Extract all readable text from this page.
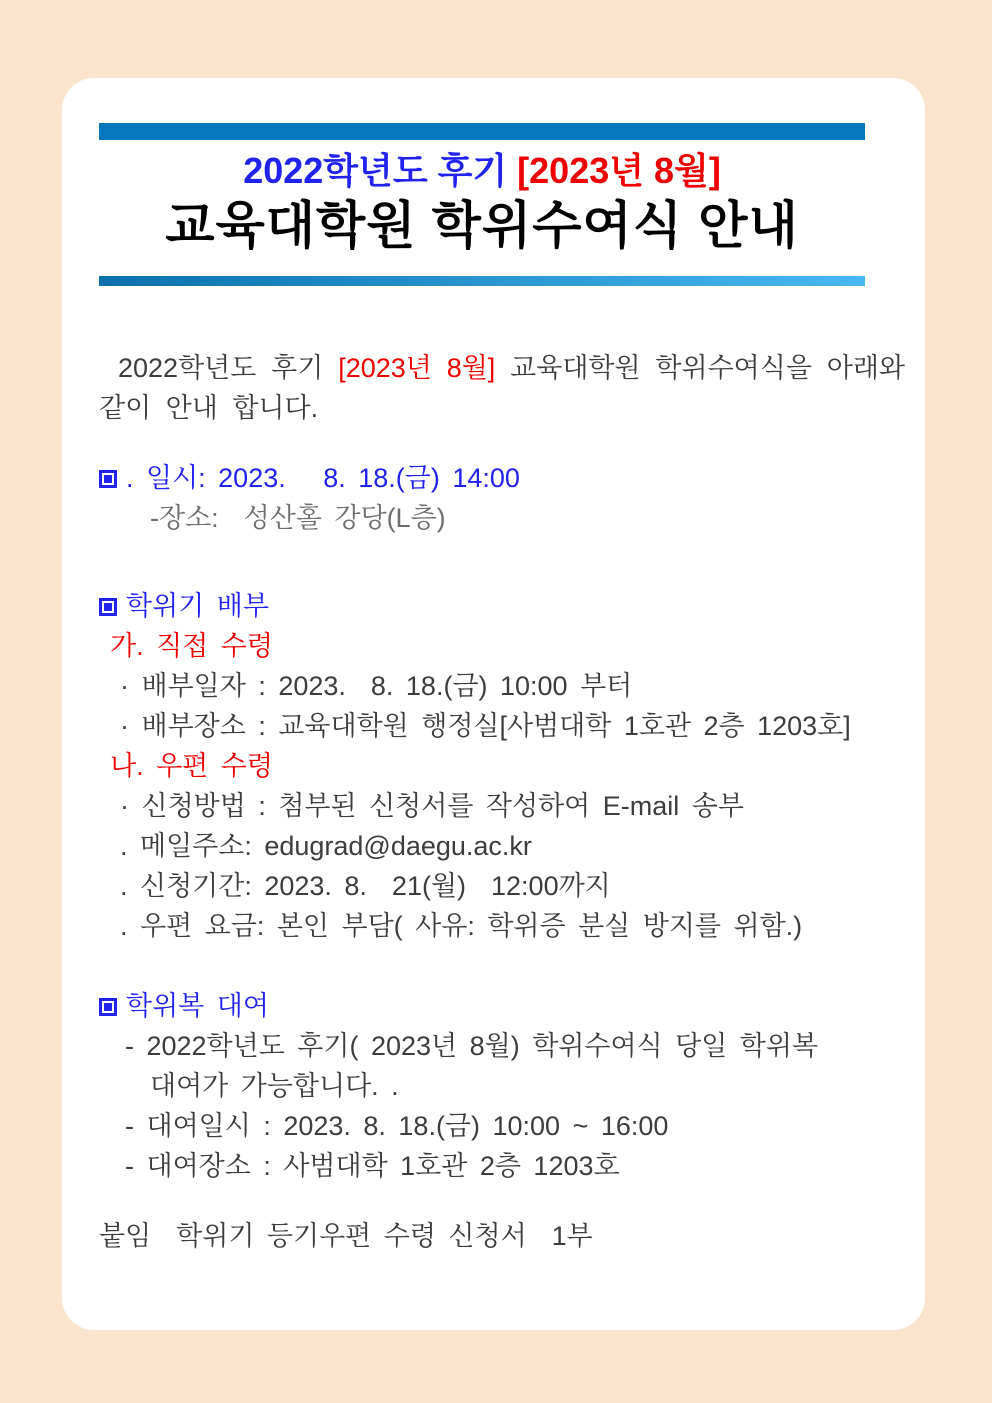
2022학년도 후기 [2023년 8월]
교육대학원 학위수여식 안내

2022학년도 후기 [2023년 8월] 교육대학원 학위수여식을 아래와 같이 안내 합니다.

. 일시: 2023.   8. 18.(금) 14:00
-장소:  성산홀 강당(L층)
학위기 배부
가. 직접 수령
· 배부일자 : 2023.  8. 18.(금) 10:00 부터
· 배부장소 : 교육대학원 행정실[사범대학 1호관 2층 1203호]
나. 우편 수령
· 신청방법 : 첨부된 신청서를 작성하여 E-mail 송부
. 메일주소: edugrad@daegu.ac.kr
. 신청기간: 2023. 8.  21(월)  12:00까지
. 우편 요금: 본인 부담( 사유: 학위증 분실 방지를 위함.)
학위복 대여
- 2022학년도 후기( 2023년 8월) 학위수여식 당일 학위복
대여가 가능합니다. .
- 대여일시 : 2023. 8. 18.(금) 10:00 ~ 16:00
- 대여장소 : 사범대학 1호관 2층 1203호
붙임  학위기 등기우편 수령 신청서  1부
